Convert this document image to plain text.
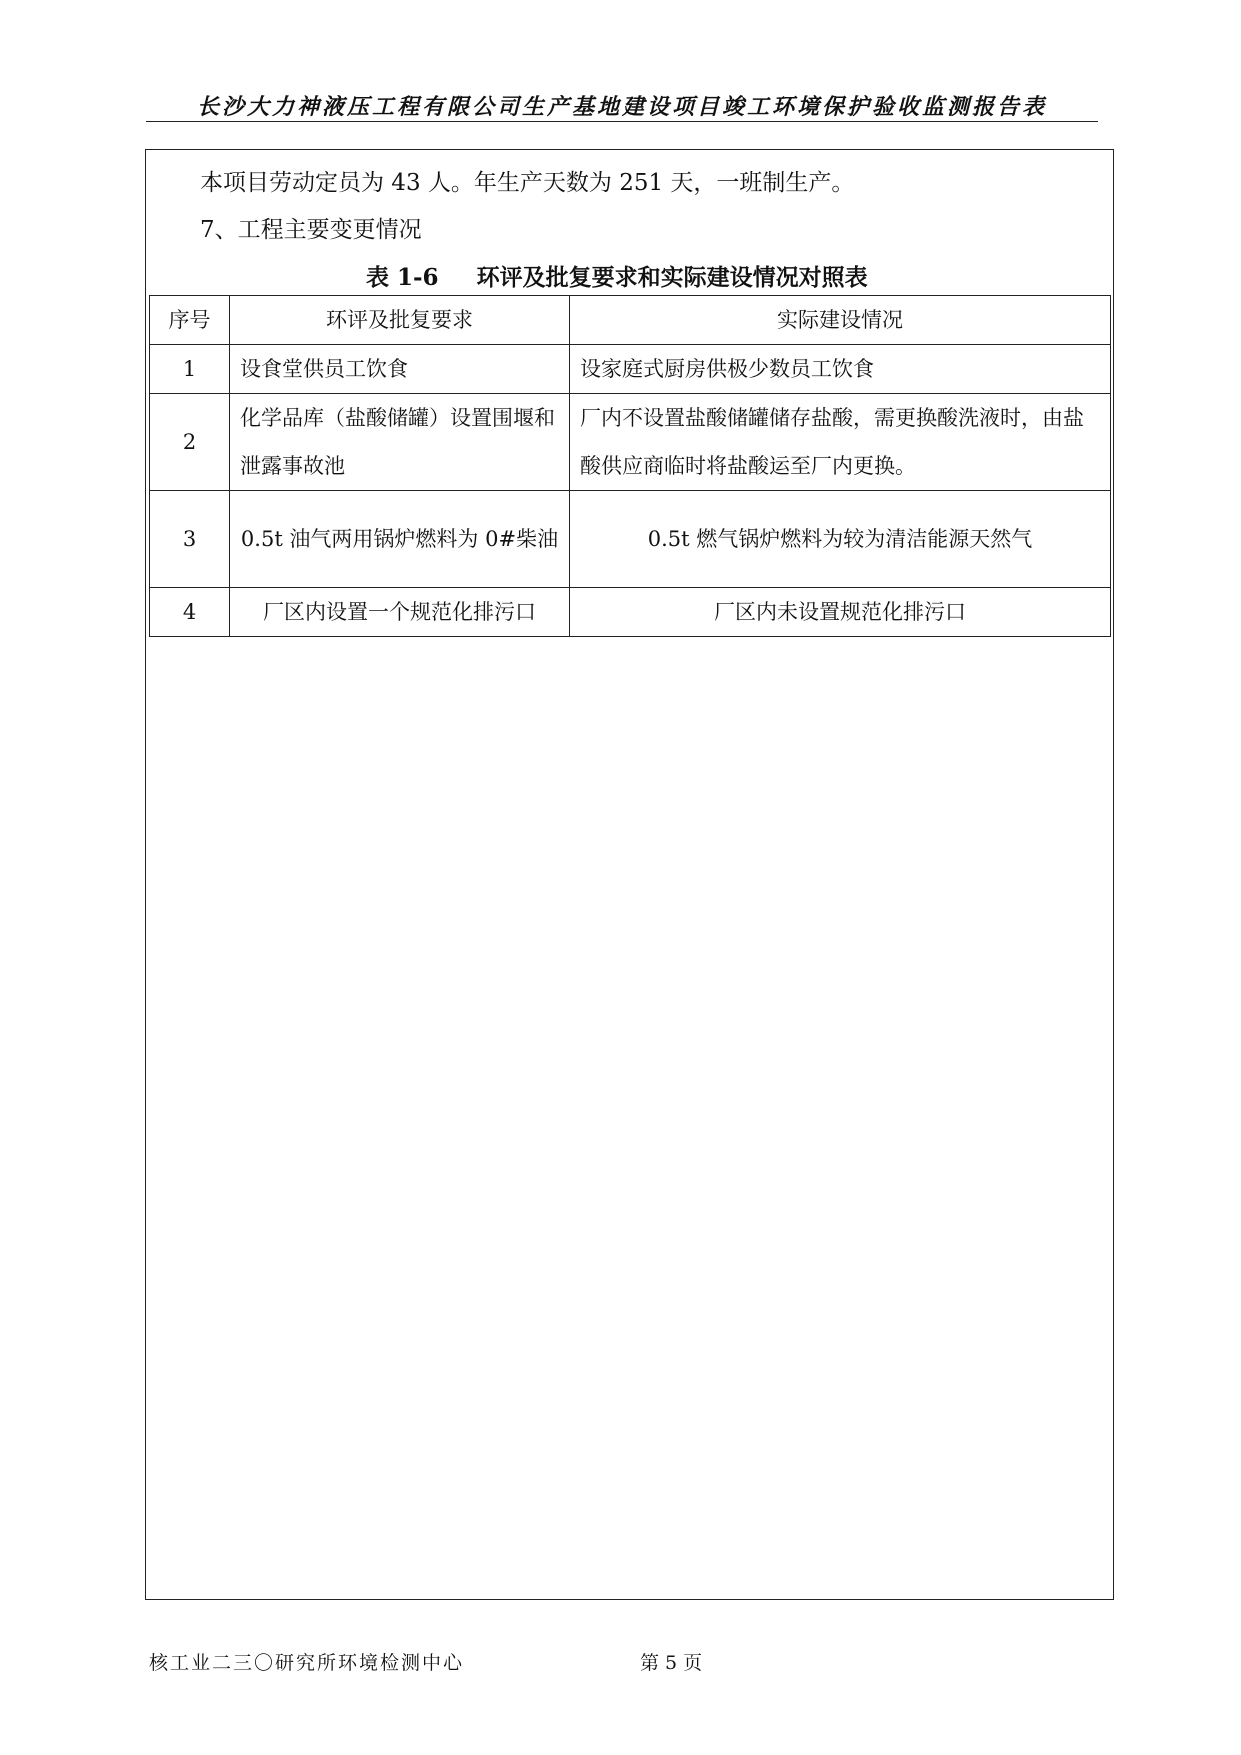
长沙大力神液压工程有限公司生产基地建设项目竣工环境保护验收监测报告表
本项目劳动定员为 43 人。年生产天数为 251 天，一班制生产。
7、工程主要变更情况
表 1-6 环评及批复要求和实际建设情况对照表
序号	环评及批复要求	实际建设情况
1	设食堂供员工饮食	设家庭式厨房供极少数员工饮食
2	化学品库（盐酸储罐）设置围堰和泄露事故池	厂内不设置盐酸储罐储存盐酸，需更换酸洗液时，由盐酸供应商临时将盐酸运至厂内更换。
3	0.5t 油气两用锅炉燃料为 0#柴油	0.5t 燃气锅炉燃料为较为清洁能源天然气
4	厂区内设置一个规范化排污口	厂区内未设置规范化排污口
核工业二三〇研究所环境检测中心	第 5 页
